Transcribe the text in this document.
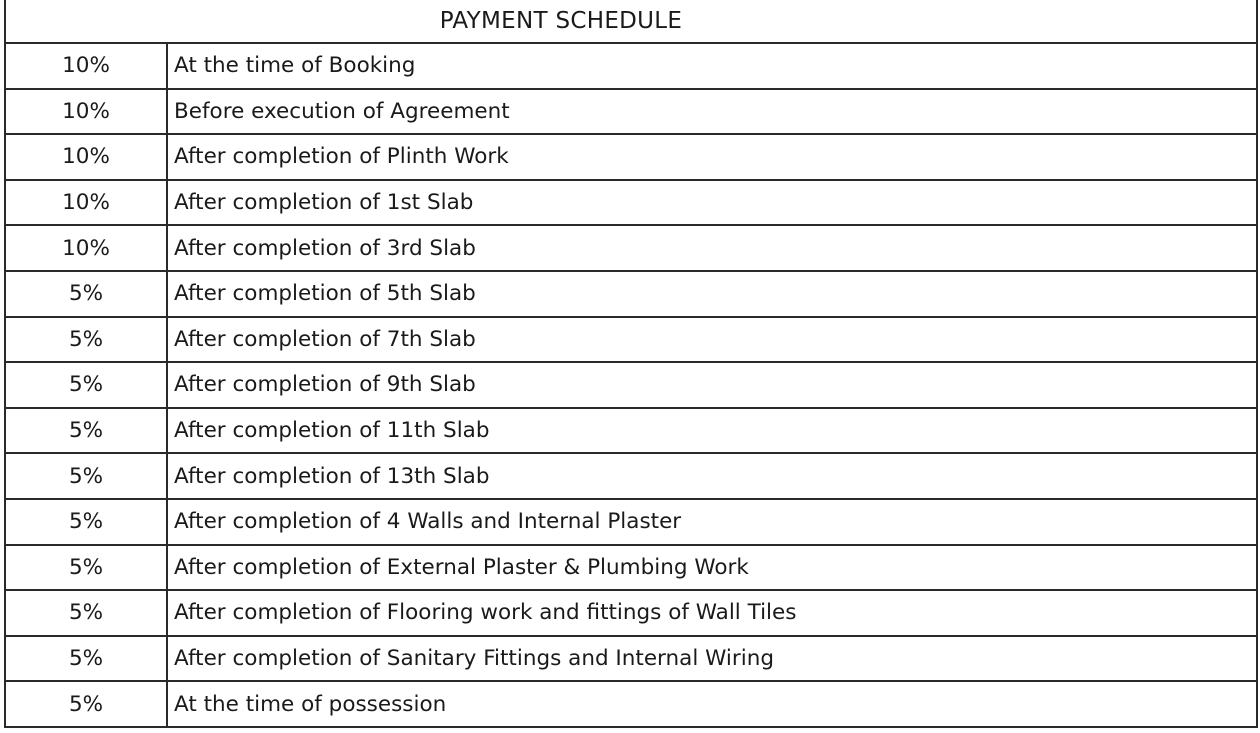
PAYMENT SCHEDULE
10%	At the time of Booking
10%	Before execution of Agreement
10%	After completion of Plinth Work
10%	After completion of 1st Slab
10%	After completion of 3rd Slab
5%	After completion of 5th Slab
5%	After completion of 7th Slab
5%	After completion of 9th Slab
5%	After completion of 11th Slab
5%	After completion of 13th Slab
5%	After completion of 4 Walls and Internal Plaster
5%	After completion of External Plaster & Plumbing Work
5%	After completion of Flooring work and fittings of Wall Tiles
5%	After completion of Sanitary Fittings and Internal Wiring
5%	At the time of possession
